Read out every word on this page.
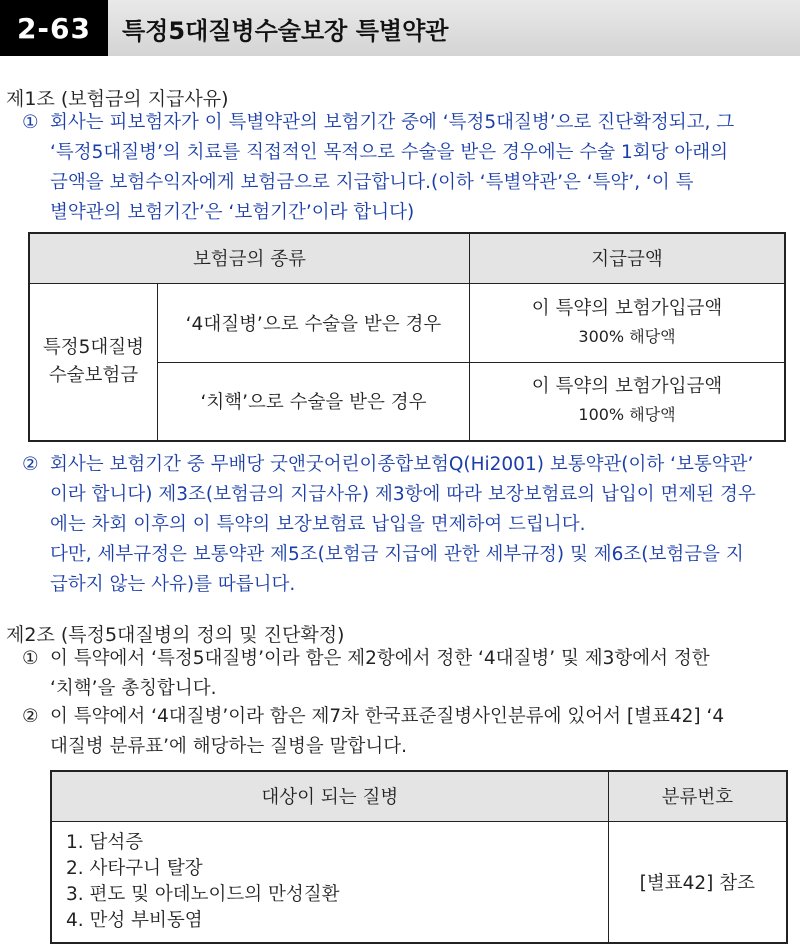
2-63	특정5대질병수술보장 특별약관
제1조 (보험금의 지급사유)
① 회사는 피보험자가 이 특별약관의 보험기간 중에 ‘특정5대질병’으로 진단확정되고, 그
‘특정5대질병’의 치료를 직접적인 목적으로 수술을 받은 경우에는 수술 1회당 아래의
금액을 보험수익자에게 보험금으로 지급합니다.(이하 ‘특별약관’은 ‘특약’, ‘이 특
별약관의 보험기간’은 ‘보험기간’이라 합니다)
보험금의 종류		지급금액

특정5대질병
수술보험금	‘4대질병’으로 수술을 받은 경우	이 특약의 보험가입금액
300% 해당액

	‘치핵’으로 수술을 받은 경우	이 특약의 보험가입금액
100% 해당액
② 회사는 보험기간 중 무배당 굿앤굿어린이종합보험Q(Hi2001) 보통약관(이하 ‘보통약관’
이라 합니다) 제3조(보험금의 지급사유) 제3항에 따라 보장보험료의 납입이 면제된 경우
에는 차회 이후의 이 특약의 보장보험료 납입을 면제하여 드립니다.
다만, 세부규정은 보통약관 제5조(보험금 지급에 관한 세부규정) 및 제6조(보험금을 지
급하지 않는 사유)를 따릅니다.
제2조 (특정5대질병의 정의 및 진단확정)
① 이 특약에서 ‘특정5대질병’이라 함은 제2항에서 정한 ‘4대질병’ 및 제3항에서 정한
‘치핵’을 총칭합니다.
② 이 특약에서 ‘4대질병’이라 함은 제7차 한국표준질병사인분류에 있어서 [별표42] ‘4
대질병 분류표’에 해당하는 질병을 말합니다.
대상이 되는 질병	분류번호

1. 담석증
2. 사타구니 탈장
3. 편도 및 아데노이드의 만성질환
4. 만성 부비동염	[별표42] 참조
